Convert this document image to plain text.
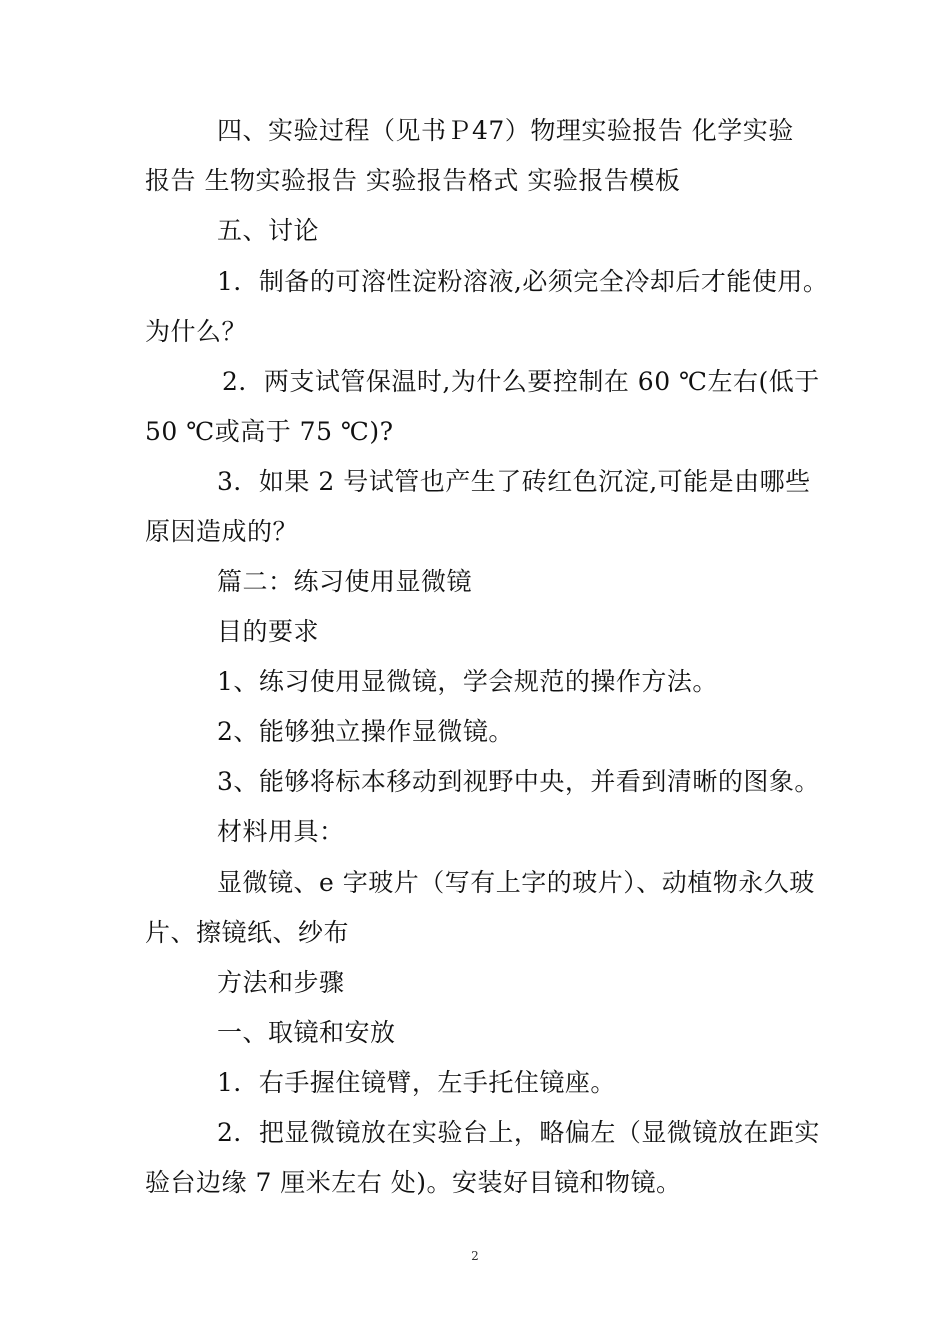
四、实验过程（见书Ｐ47）物理实验报告 化学实验
报告 生物实验报告 实验报告格式 实验报告模板
五、讨论
1．制备的可溶性淀粉溶液,必须完全冷却后才能使用。
为什么？
2．两支试管保温时,为什么要控制在 60 ℃左右(低于
50 ℃或高于 75 ℃)?
3．如果 2 号试管也产生了砖红色沉淀,可能是由哪些
原因造成的？
篇二：练习使用显微镜
目的要求
1、练习使用显微镜，学会规范的操作方法。
2、能够独立操作显微镜。
3、能够将标本移动到视野中央，并看到清晰的图象。
材料用具：
显微镜、e 字玻片（写有上字的玻片）、动植物永久玻
片、擦镜纸、纱布
方法和步骤
一、取镜和安放
1．右手握住镜臂，左手托住镜座。
2．把显微镜放在实验台上，略偏左（显微镜放在距实
验台边缘 7 厘米左右 处)。安装好目镜和物镜。
2
